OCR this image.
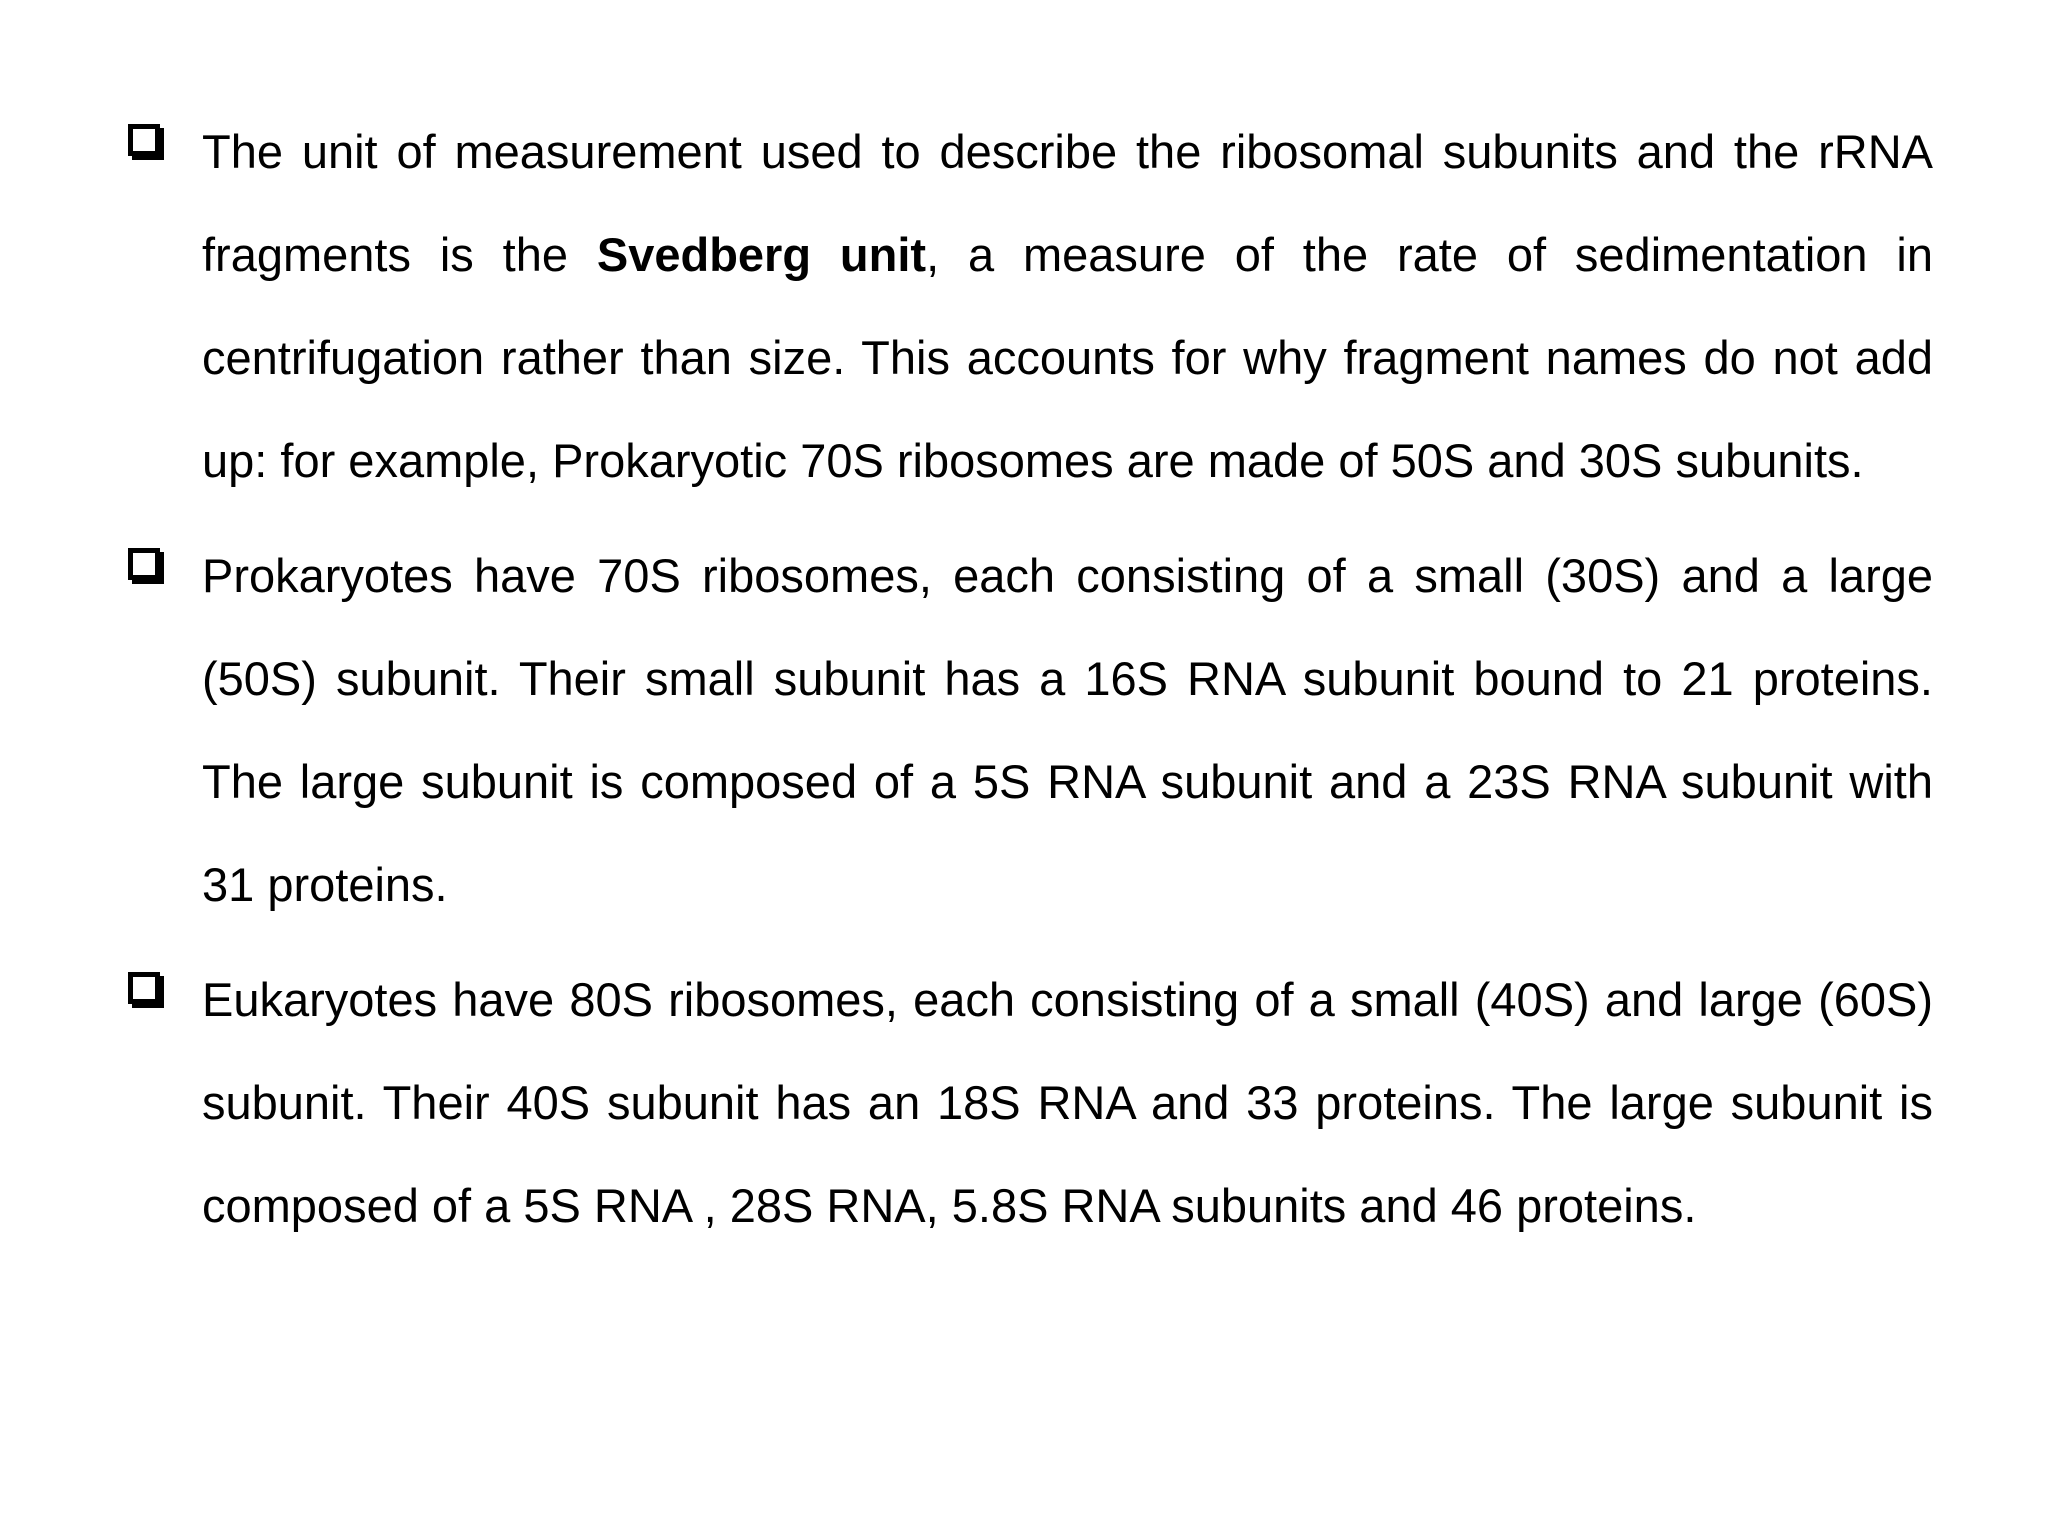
The unit of measurement used to describe the ribosomal subunits and the rRNA fragments is the Svedberg unit, a measure of the rate of sedimentation in centrifugation rather than size. This accounts for why fragment names do not add up: for example, Prokaryotic 70S ribosomes are made of 50S and 30S subunits.

Prokaryotes have 70S ribosomes, each consisting of a small (30S) and a large (50S) subunit. Their small subunit has a 16S RNA subunit bound to 21 proteins. The large subunit is composed of a 5S RNA subunit and a 23S RNA subunit with 31 proteins.

Eukaryotes have 80S ribosomes, each consisting of a small (40S) and large (60S) subunit. Their 40S subunit has an 18S RNA and 33 proteins. The large subunit is composed of a 5S RNA , 28S RNA, 5.8S RNA subunits and 46 proteins.
